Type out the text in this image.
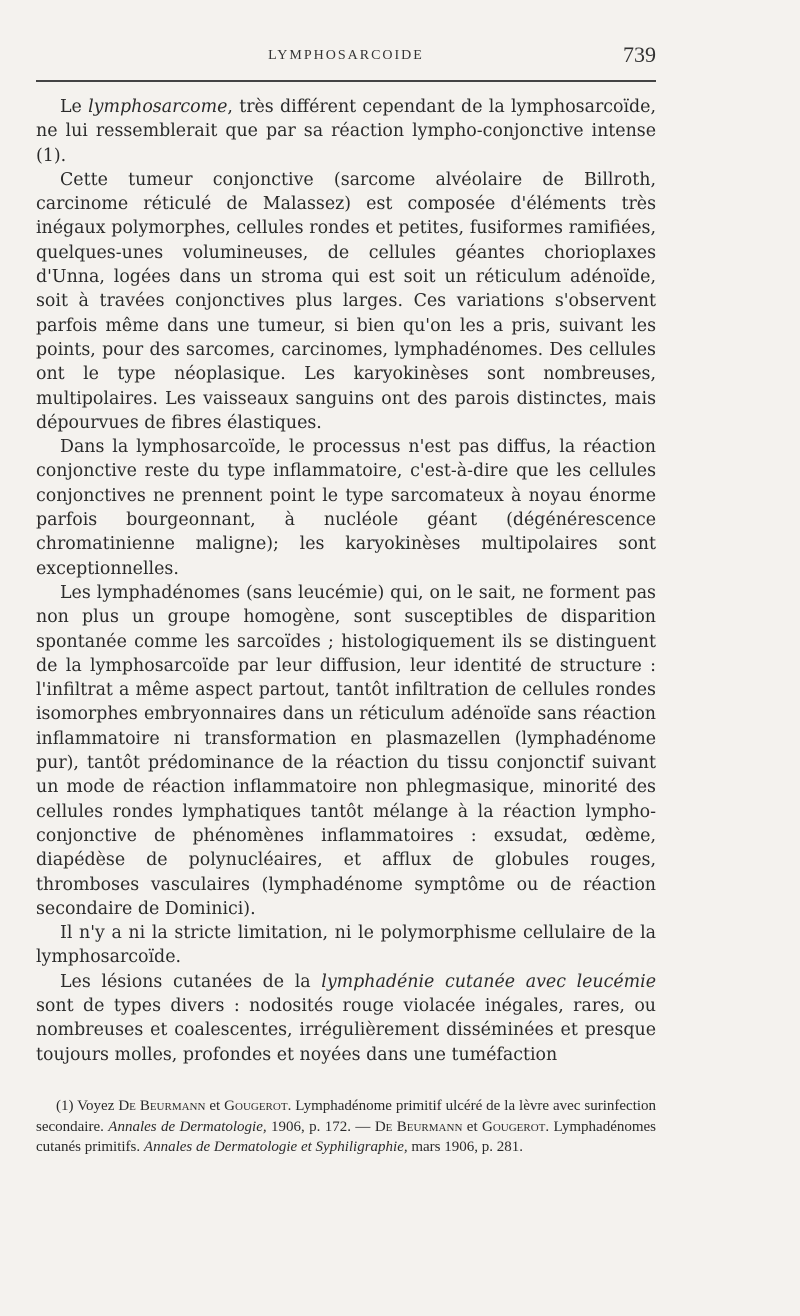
LYMPHOSARCOIDE	739

Le lymphosarcome, très différent cependant de la lymphosarcoïde, ne lui ressemblerait que par sa réaction lympho-conjonctive intense (1).

Cette tumeur conjonctive (sarcome alvéolaire de Billroth, carcinome réticulé de Malassez) est composée d'éléments très inégaux polymorphes, cellules rondes et petites, fusiformes ramifiées, quelques-unes volumineuses, de cellules géantes chorioplaxes d'Unna, logées dans un stroma qui est soit un réticulum adénoïde, soit à travées conjonctives plus larges. Ces variations s'observent parfois même dans une tumeur, si bien qu'on les a pris, suivant les points, pour des sarcomes, carcinomes, lymphadénomes. Des cellules ont le type néoplasique. Les karyokinèses sont nombreuses, multipolaires. Les vaisseaux sanguins ont des parois distinctes, mais dépourvues de fibres élastiques.

Dans la lymphosarcoïde, le processus n'est pas diffus, la réaction conjonctive reste du type inflammatoire, c'est-à-dire que les cellules conjonctives ne prennent point le type sarcomateux à noyau énorme parfois bourgeonnant, à nucléole géant (dégénérescence chromatinienne maligne); les karyokinèses multipolaires sont exceptionnelles.

Les lymphadénomes (sans leucémie) qui, on le sait, ne forment pas non plus un groupe homogène, sont susceptibles de disparition spontanée comme les sarcoïdes ; histologiquement ils se distinguent de la lymphosarcoïde par leur diffusion, leur identité de structure : l'infiltrat a même aspect partout, tantôt infiltration de cellules rondes isomorphes embryonnaires dans un réticulum adénoïde sans réaction inflammatoire ni transformation en plasmazellen (lymphadénome pur), tantôt prédominance de la réaction du tissu conjonctif suivant un mode de réaction inflammatoire non phlegmasique, minorité des cellules rondes lymphatiques tantôt mélange à la réaction lympho-conjonctive de phénomènes inflammatoires : exsudat, œdème, diapédèse de polynucléaires, et afflux de globules rouges, thromboses vasculaires (lymphadénome symptôme ou de réaction secondaire de Dominici).

Il n'y a ni la stricte limitation, ni le polymorphisme cellulaire de la lymphosarcoïde.

Les lésions cutanées de la lymphadénie cutanée avec leucémie sont de types divers : nodosités rouge violacée inégales, rares, ou nombreuses et coalescentes, irrégulièrement disséminées et presque toujours molles, profondes et noyées dans une tuméfaction

(1) Voyez De Beurmann et Gougerot. Lymphadénome primitif ulcéré de la lèvre avec surinfection secondaire. Annales de Dermatologie, 1906, p. 172. — De Beurmann et Gougerot. Lymphadénomes cutanés primitifs. Annales de Dermatologie et Syphiligraphie, mars 1906, p. 281.
